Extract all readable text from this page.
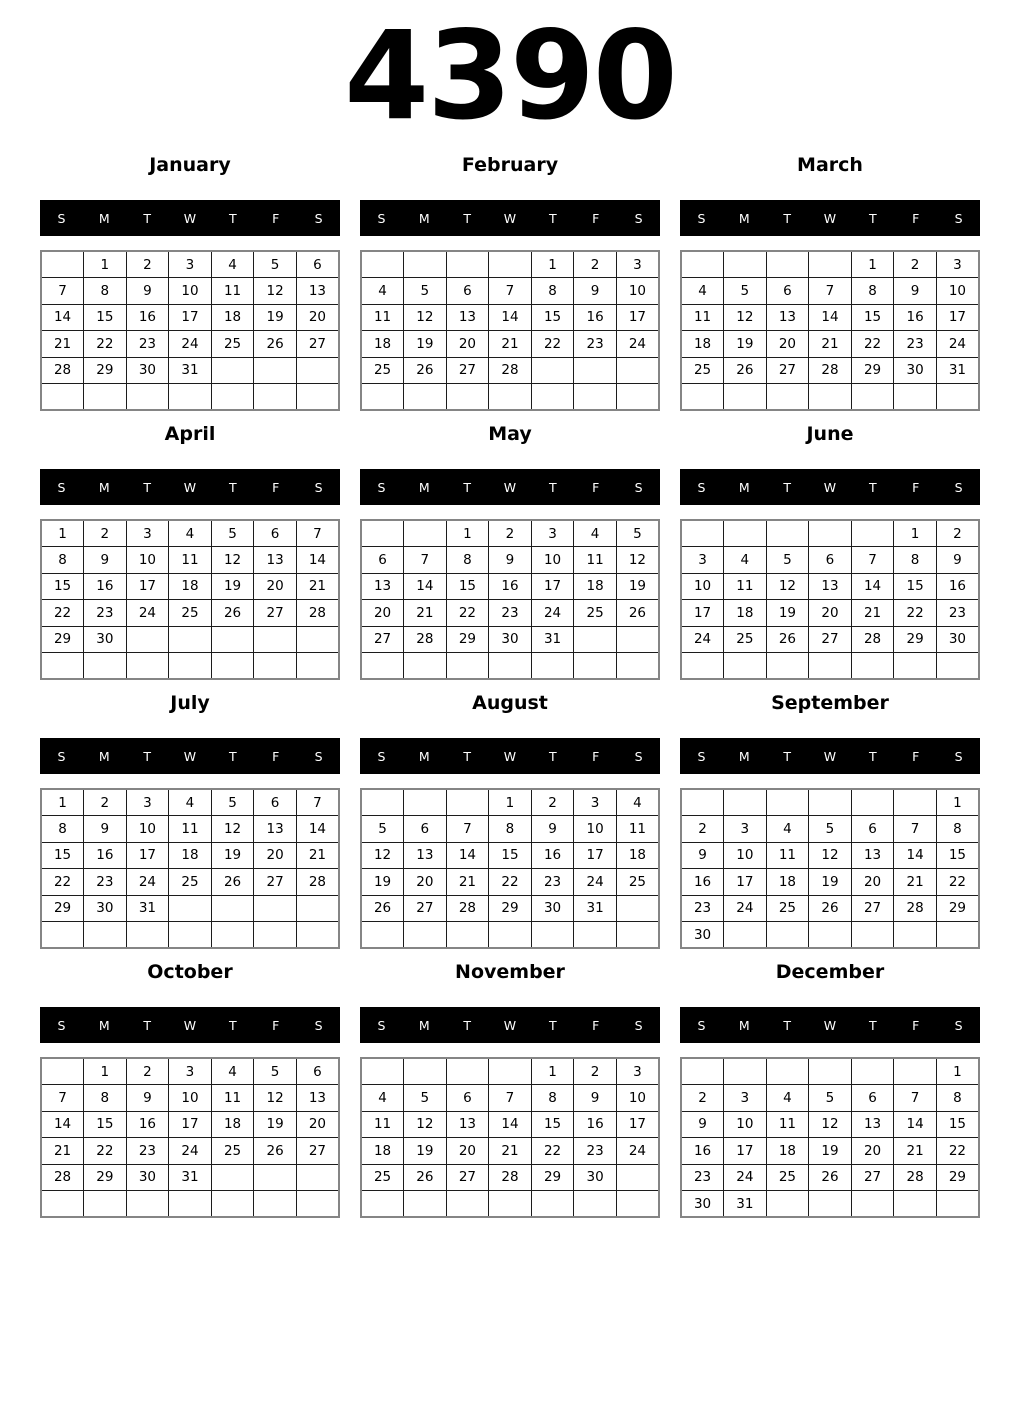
4390
January
S	M	T	W	T	F	S
	1	2	3	4	5	6
7	8	9	10	11	12	13
14	15	16	17	18	19	20
21	22	23	24	25	26	27
28	29	30	31			

February
S	M	T	W	T	F	S
				1	2	3
4	5	6	7	8	9	10
11	12	13	14	15	16	17
18	19	20	21	22	23	24
25	26	27	28			

March
S	M	T	W	T	F	S
				1	2	3
4	5	6	7	8	9	10
11	12	13	14	15	16	17
18	19	20	21	22	23	24
25	26	27	28	29	30	31

April
S	M	T	W	T	F	S
1	2	3	4	5	6	7
8	9	10	11	12	13	14
15	16	17	18	19	20	21
22	23	24	25	26	27	28
29	30					

May
S	M	T	W	T	F	S
		1	2	3	4	5
6	7	8	9	10	11	12
13	14	15	16	17	18	19
20	21	22	23	24	25	26
27	28	29	30	31		

June
S	M	T	W	T	F	S
					1	2
3	4	5	6	7	8	9
10	11	12	13	14	15	16
17	18	19	20	21	22	23
24	25	26	27	28	29	30

July
S	M	T	W	T	F	S
1	2	3	4	5	6	7
8	9	10	11	12	13	14
15	16	17	18	19	20	21
22	23	24	25	26	27	28
29	30	31				

August
S	M	T	W	T	F	S
			1	2	3	4
5	6	7	8	9	10	11
12	13	14	15	16	17	18
19	20	21	22	23	24	25
26	27	28	29	30	31	

September
S	M	T	W	T	F	S
						1
2	3	4	5	6	7	8
9	10	11	12	13	14	15
16	17	18	19	20	21	22
23	24	25	26	27	28	29
30						
October
S	M	T	W	T	F	S
	1	2	3	4	5	6
7	8	9	10	11	12	13
14	15	16	17	18	19	20
21	22	23	24	25	26	27
28	29	30	31			

November
S	M	T	W	T	F	S
				1	2	3
4	5	6	7	8	9	10
11	12	13	14	15	16	17
18	19	20	21	22	23	24
25	26	27	28	29	30	

December
S	M	T	W	T	F	S
						1
2	3	4	5	6	7	8
9	10	11	12	13	14	15
16	17	18	19	20	21	22
23	24	25	26	27	28	29
30	31					
